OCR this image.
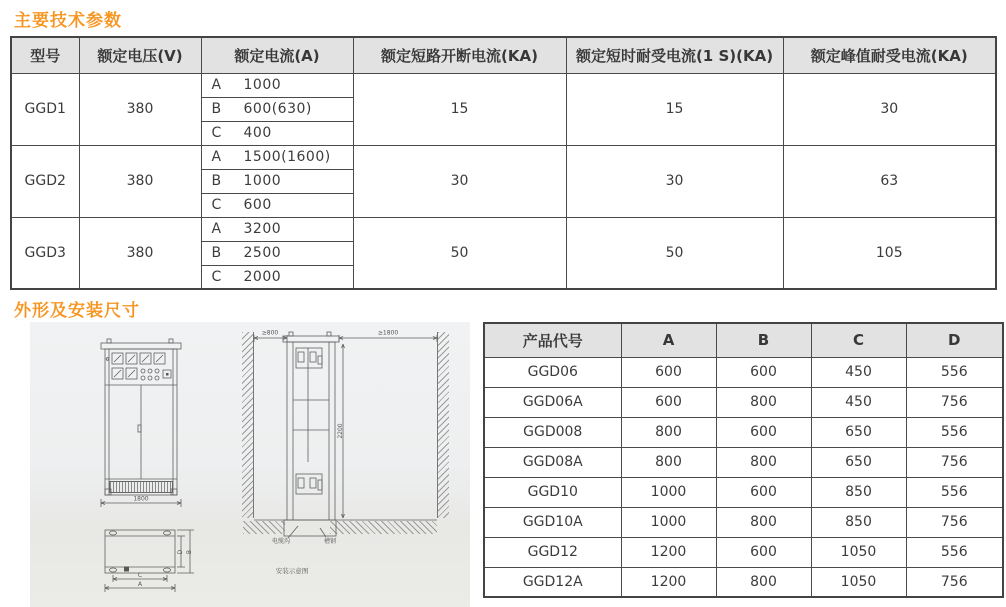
主要技术参数
型号	额定电压(V)	额定电流(A)	额定短路开断电流(KA)	额定短时耐受电流(1 S)(KA)	额定峰值耐受电流(KA)
GGD1	380	A 1000	15	15	30
		B 600(630)			
		C 400			
GGD2	380	A 1500(1600)	30	30	63
		B 1000			
		C 600			
GGD3	380	A 3200	50	50	105
		B 2500			
		C 2000			
外形及安装尺寸
1800
C
A
D B
≥800	≥1800
2200
电缆沟	槽钢
安装示意图
产品代号	A	B	C	D
GGD06	600	600	450	556
GGD06A	600	800	450	756
GGD008	800	600	650	556
GGD08A	800	800	650	756
GGD10	1000	600	850	556
GGD10A	1000	800	850	756
GGD12	1200	600	1050	556
GGD12A	1200	800	1050	756
